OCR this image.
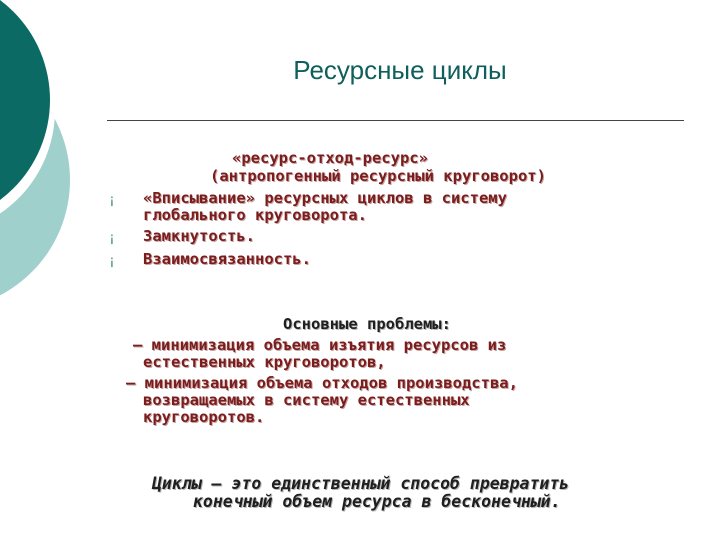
Ресурсные циклы
«ресурс-отход-ресурс»
(антропогенный ресурсный круговорот)
¡ «Вписывание» ресурсных циклов в систему
глобального круговорота.
¡ Замкнутость.
¡ Взаимосвязанность.
Основные проблемы:
– минимизация объема изъятия ресурсов из
естественных круговоротов,
– минимизация объема отходов производства,
возвращаемых в систему естественных
круговоротов.
Циклы – это единственный способ превратить
конечный объем ресурса в бесконечный.
